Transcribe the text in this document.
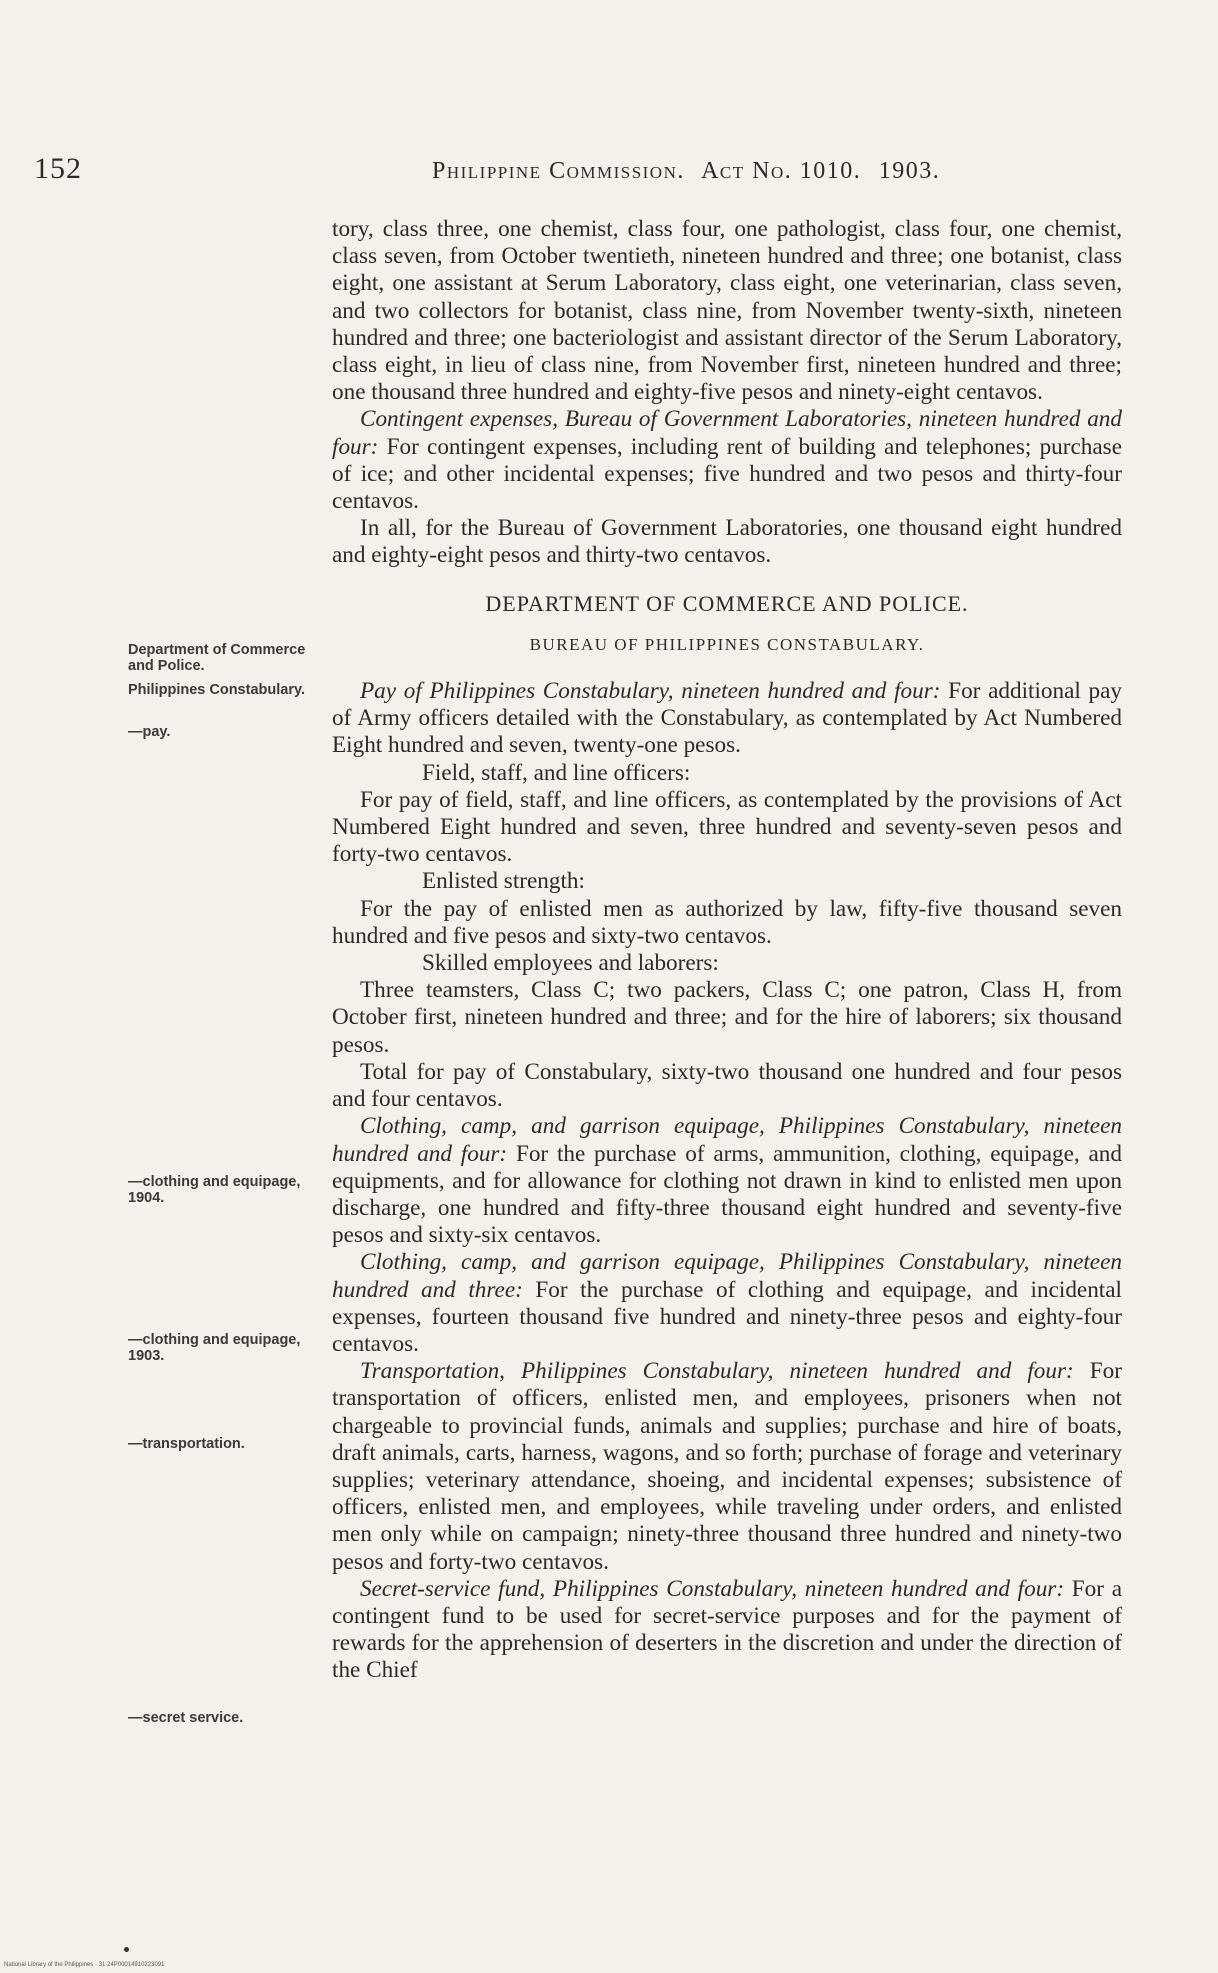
152	Philippine Commission. Act No. 1010. 1903.
Department of Commerce and Police.
Philippines Constabulary.
—pay.
—clothing and equipage, 1904.
—clothing and equipage, 1903.
—transportation.
—secret service.

tory, class three, one chemist, class four, one pathologist, class four, one chemist, class seven, from October twentieth, nineteen hundred and three; one botanist, class eight, one assistant at Serum Laboratory, class eight, one veterinarian, class seven, and two collectors for botanist, class nine, from November twenty-sixth, nineteen hundred and three; one bacteriologist and assistant director of the Serum Laboratory, class eight, in lieu of class nine, from November first, nineteen hundred and three; one thousand three hundred and eighty-five pesos and ninety-eight centavos.

Contingent expenses, Bureau of Government Laboratories, nineteen hundred and four: For contingent expenses, including rent of building and telephones; purchase of ice; and other incidental expenses; five hundred and two pesos and thirty-four centavos.

In all, for the Bureau of Government Laboratories, one thousand eight hundred and eighty-eight pesos and thirty-two centavos.

DEPARTMENT OF COMMERCE AND POLICE.

BUREAU OF PHILIPPINES CONSTABULARY.

Pay of Philippines Constabulary, nineteen hundred and four: For additional pay of Army officers detailed with the Constabulary, as contemplated by Act Numbered Eight hundred and seven, twenty-one pesos.

Field, staff, and line officers:

For pay of field, staff, and line officers, as contemplated by the provisions of Act Numbered Eight hundred and seven, three hundred and seventy-seven pesos and forty-two centavos.

Enlisted strength:

For the pay of enlisted men as authorized by law, fifty-five thousand seven hundred and five pesos and sixty-two centavos.

Skilled employees and laborers:

Three teamsters, Class C; two packers, Class C; one patron, Class H, from October first, nineteen hundred and three; and for the hire of laborers; six thousand pesos.

Total for pay of Constabulary, sixty-two thousand one hundred and four pesos and four centavos.

Clothing, camp, and garrison equipage, Philippines Constabulary, nineteen hundred and four: For the purchase of arms, ammunition, clothing, equipage, and equipments, and for allowance for clothing not drawn in kind to enlisted men upon discharge, one hundred and fifty-three thousand eight hundred and seventy-five pesos and sixty-six centavos.

Clothing, camp, and garrison equipage, Philippines Constabulary, nineteen hundred and three: For the purchase of clothing and equipage, and incidental expenses, fourteen thousand five hundred and ninety-three pesos and eighty-four centavos.

Transportation, Philippines Constabulary, nineteen hundred and four: For transportation of officers, enlisted men, and employees, prisoners when not chargeable to provincial funds, animals and supplies; purchase and hire of boats, draft animals, carts, harness, wagons, and so forth; purchase of forage and veterinary supplies; veterinary attendance, shoeing, and incidental expenses; subsistence of officers, enlisted men, and employees, while traveling under orders, and enlisted men only while on campaign; ninety-three thousand three hundred and ninety-two pesos and forty-two centavos.

Secret-service fund, Philippines Constabulary, nineteen hundred and four: For a contingent fund to be used for secret-service purposes and for the payment of rewards for the apprehension of deserters in the discretion and under the direction of the Chief

National Library of the Philippines · 31 24P00014910223091
